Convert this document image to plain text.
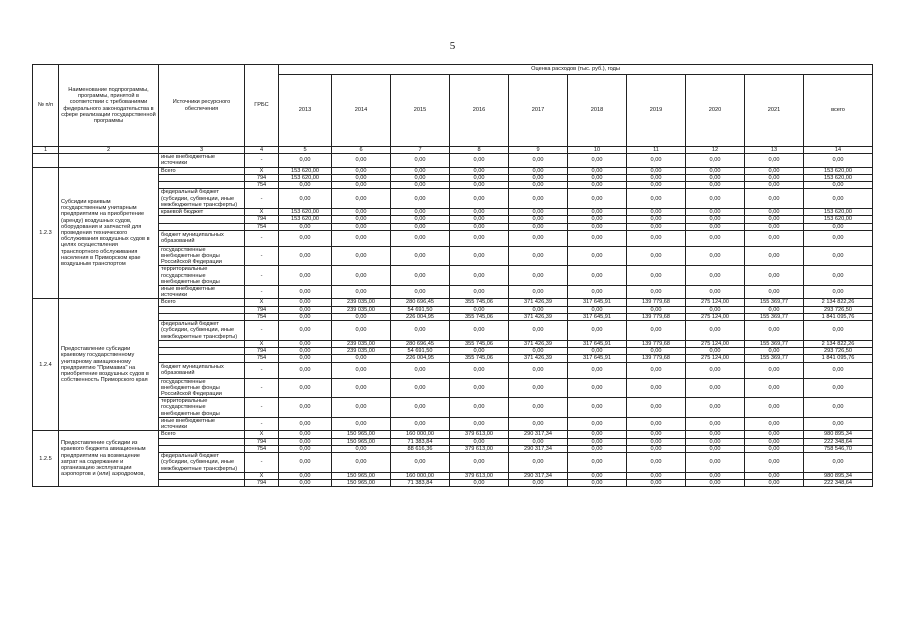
5
№ п/п	Наименование подпрограммы, программы, принятой в соответствии с требованиями федерального законодательства в сфере реализации государственной программы	Источники ресурсного обеспечения	ГРБС	Оценка расходов (тыс. руб.), годы									
				2013	2014	2015	2016	2017	2018	2019	2020	2021	всего
1	2	3	4	5	6	7	8	9	10	11	12	13	14
		иные внебюджетные источники	-	0,00	0,00	0,00	0,00	0,00	0,00	0,00	0,00	0,00	0,00
1.2.3	Субсидии краевым государственным унитарным предприятиям на приобретение (аренду) воздушных судов, оборудования и запчастей для проведения технического обслуживания воздушных судов в целях осуществления транспортного обслуживания населения в Приморском крае воздушным транспортом	Всего	X	153 620,00	0,00	0,00	0,00	0,00	0,00	0,00	0,00	0,00	153 620,00
			794	153 620,00	0,00	0,00	0,00	0,00	0,00	0,00	0,00	0,00	153 620,00
			754	0,00	0,00	0,00	0,00	0,00	0,00	0,00	0,00	0,00	0,00
		федеральный бюджет (субсидии, субвенции, иные межбюджетные трансферты)	-	0,00	0,00	0,00	0,00	0,00	0,00	0,00	0,00	0,00	0,00
		краевой бюджет	X	153 620,00	0,00	0,00	0,00	0,00	0,00	0,00	0,00	0,00	153 620,00
			794	153 620,00	0,00	0,00	0,00	0,00	0,00	0,00	0,00	0,00	153 620,00
			754	0,00	0,00	0,00	0,00	0,00	0,00	0,00	0,00	0,00	0,00
		бюджет муниципальных образований	-	0,00	0,00	0,00	0,00	0,00	0,00	0,00	0,00	0,00	0,00
		государственные внебюджетные фонды Российской Федерации	-	0,00	0,00	0,00	0,00	0,00	0,00	0,00	0,00	0,00	0,00
		территориальные государственные внебюджетные фонды	-	0,00	0,00	0,00	0,00	0,00	0,00	0,00	0,00	0,00	0,00
		иные внебюджетные источники	-	0,00	0,00	0,00	0,00	0,00	0,00	0,00	0,00	0,00	0,00
1.2.4	Предоставление субсидии краевому государственному унитарному авиационному предприятию "Примавиа" на приобретение воздушных судов в собственность Приморского края	Всего	X	0,00	239 035,00	280 696,45	355 745,06	371 426,39	317 645,91	139 779,68	275 124,00	155 369,77	2 134 822,26
			794	0,00	239 035,00	54 691,50	0,00	0,00	0,00	0,00	0,00	0,00	293 726,50
			754	0,00	0,00	226 004,95	355 745,06	371 426,39	317 645,91	139 779,68	275 124,00	155 369,77	1 841 095,76
		федеральный бюджет (субсидии, субвенции, иные межбюджетные трансферты)	-	0,00	0,00	0,00	0,00	0,00	0,00	0,00	0,00	0,00	0,00
			X	0,00	239 035,00	280 696,45	355 745,06	371 426,39	317 645,91	139 779,68	275 124,00	155 369,77	2 134 822,26
			794	0,00	239 035,00	54 691,50	0,00	0,00	0,00	0,00	0,00	0,00	293 726,50
			754	0,00	0,00	226 004,95	355 745,06	371 426,39	317 645,91	139 779,68	275 124,00	155 369,77	1 841 095,76
		бюджет муниципальных образований	-	0,00	0,00	0,00	0,00	0,00	0,00	0,00	0,00	0,00	0,00
		государственные внебюджетные фонды Российской Федерации	-	0,00	0,00	0,00	0,00	0,00	0,00	0,00	0,00	0,00	0,00
		территориальные государственные внебюджетные фонды	-	0,00	0,00	0,00	0,00	0,00	0,00	0,00	0,00	0,00	0,00
		иные внебюджетные источники	-	0,00	0,00	0,00	0,00	0,00	0,00	0,00	0,00	0,00	0,00
1.2.5	Предоставление субсидии из краевого бюджета авиационным предприятиям на возмещение затрат на содержание и организацию эксплуатации аэропортов и (или) аэродромов,	Всего	X	0,00	150 965,00	160 000,00	379 613,00	290 317,34	0,00	0,00	0,00	0,00	980 895,34
			794	0,00	150 965,00	71 383,84	0,00	0,00	0,00	0,00	0,00	0,00	222 348,64
			754	0,00	0,00	88 616,36	379 613,00	290 317,34	0,00	0,00	0,00	0,00	758 546,70
		федеральный бюджет (субсидии, субвенции, иные межбюджетные трансферты)	-	0,00	0,00	0,00	0,00	0,00	0,00	0,00	0,00	0,00	0,00
			X	0,00	150 965,00	160 000,00	379 613,00	290 317,34	0,00	0,00	0,00	0,00	980 895,34
			794	0,00	150 965,00	71 383,84	0,00	0,00	0,00	0,00	0,00	0,00	222 348,64
